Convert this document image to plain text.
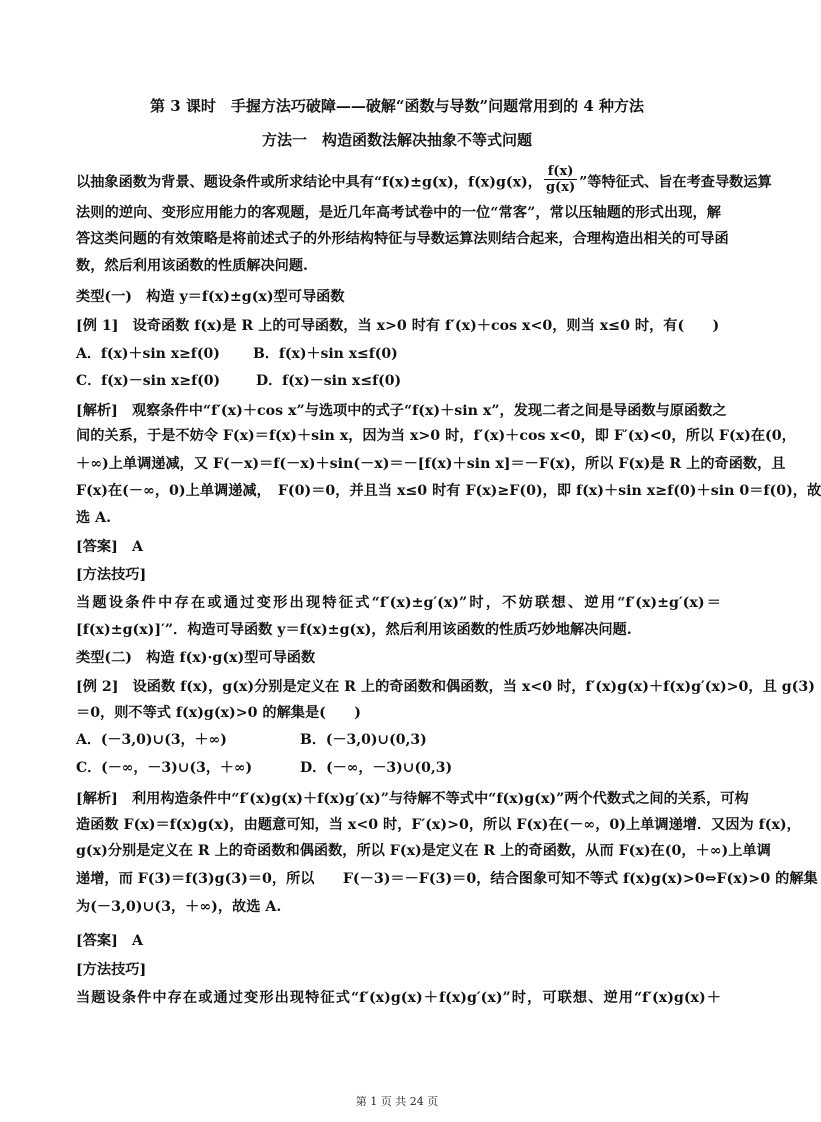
第 3 课时　手握方法巧破障——破解“函数与导数”问题常用到的 4 种方法
方法一　构造函数法解决抽象不等式问题
以抽象函数为背景、题设条件或所求结论中具有“f(x)±g(x)，f(x)g(x)， $\frac{f(x)}{g(x)}$ ”等特征式、旨在考查导数运算
法则的逆向、变形应用能力的客观题，是近几年高考试卷中的一位“常客”，常以压轴题的形式出现，解
答这类问题的有效策略是将前述式子的外形结构特征与导数运算法则结合起来，合理构造出相关的可导函
数，然后利用该函数的性质解决问题.
类型(一)　构造 y＝f(x)±g(x)型可导函数
[例 1]　设奇函数 f(x)是 R 上的可导函数，当 x>0 时有 f′(x)＋cos x<0，则当 x≤0 时，有(　　)
A．f(x)＋sin x≥f(0) B．f(x)＋sin x≤f(0)
C．f(x)－sin x≥f(0)	D．f(x)－sin x≤f(0)
[解析]　观察条件中“f′(x)＋cos x”与选项中的式子“f(x)＋sin x”，发现二者之间是导函数与原函数之
间的关系，于是不妨令 F(x)＝f(x)＋sin x，因为当 x>0 时，f′(x)＋cos x<0，即 F′(x)<0，所以 F(x)在(0，
＋∞)上单调递减，又 F(－x)＝f(－x)＋sin(－x)＝－[f(x)＋sin x]＝－F(x)，所以 F(x)是 R 上的奇函数，且
F(x)在(－∞，0)上单调递减，　F(0)＝0，并且当 x≤0 时有 F(x)≥F(0)，即 f(x)＋sin x≥f(0)＋sin 0＝f(0)，故
选 A.
[答案]　A
[方法技巧]
当题设条件中存在或通过变形出现特征式“f′(x)±g′(x)”时，不妨联想、逆用“f′(x)±g′(x)＝
[f(x)±g(x)]′”．构造可导函数 y＝f(x)±g(x)，然后利用该函数的性质巧妙地解决问题.
类型(二)　构造 f(x)·g(x)型可导函数
[例 2]　设函数 f(x)，g(x)分别是定义在 R 上的奇函数和偶函数，当 x<0 时，f′(x)g(x)＋f(x)g′(x)>0，且 g(3)
＝0，则不等式 f(x)g(x)>0 的解集是(　　)
A．(－3,0)∪(3，＋∞)	B．(－3,0)∪(0,3)
C．(－∞，－3)∪(3，＋∞)	D．(－∞，－3)∪(0,3)
[解析]　利用构造条件中“f′(x)g(x)＋f(x)g′(x)”与待解不等式中“f(x)g(x)”两个代数式之间的关系，可构
造函数 F(x)＝f(x)g(x)，由题意可知，当 x<0 时，F′(x)>0，所以 F(x)在(－∞，0)上单调递增．又因为 f(x)，
g(x)分别是定义在 R 上的奇函数和偶函数，所以 F(x)是定义在 R 上的奇函数，从而 F(x)在(0，＋∞)上单调
递增，而 F(3)＝f(3)g(3)＝0，所以　　F(－3)＝－F(3)＝0，结合图象可知不等式 f(x)g(x)>0⇔F(x)>0 的解集
为(－3,0)∪(3，＋∞)，故选 A.
[答案]　A
[方法技巧]
当题设条件中存在或通过变形出现特征式“f′(x)g(x)＋f(x)g′(x)”时，可联想、逆用“f′(x)g(x)＋
第 1 页 共 24 页
